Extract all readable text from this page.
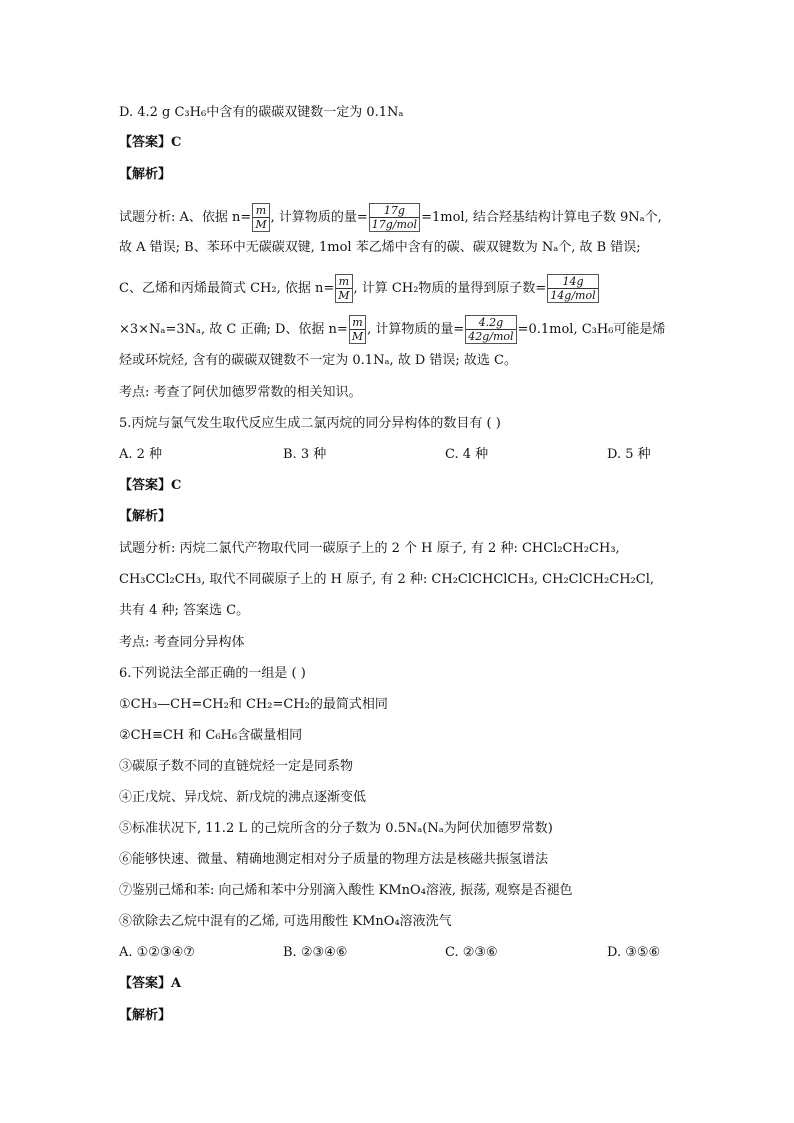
D. 4.2 g C₃H₆中含有的碳碳双键数一定为 0.1Nₐ
【答案】C
【解析】
试题分析: A、依据 $n= \frac{m}{M}$ , 计算物质的量= $\frac{17g}{\text{17g/mol}} =1mol$, 结合羟基结构计算电子数 9Nₐ个,
故 A 错误; B、苯环中无碳碳双键, 1mol 苯乙烯中含有的碳、碳双键数为 Nₐ个, 故 B 错误;
C、乙烯和丙烯最简式 CH₂, 依据 $n= \frac{m}{M}$ , 计算 CH₂物质的量得到原子数= $\frac{14g}{\text{14g/mol}}$
×3×Nₐ=3Nₐ, 故 C 正确; D、依据 $n= \frac{m}{M}$ , 计算物质的量= $\frac{4.2g}{\text{42g/mol}} =0.1mol$, C₃H₆可能是烯
烃或环烷烃, 含有的碳碳双键数不一定为 0.1Nₐ, 故 D 错误; 故选 C。
考点: 考查了阿伏加德罗常数的相关知识。
5.丙烷与氯气发生取代反应生成二氯丙烷的同分异构体的数目有 ( )
A. 2 种	B. 3 种	C. 4 种	D. 5 种
【答案】C
【解析】
试题分析: 丙烷二氯代产物取代同一碳原子上的 2 个 H 原子, 有 2 种: CHCl₂CH₂CH₃,
CH₃CCl₂CH₃, 取代不同碳原子上的 H 原子, 有 2 种: CH₂ClCHClCH₃, CH₂ClCH₂CH₂Cl,
共有 4 种; 答案选 C。
考点: 考查同分异构体
6.下列说法全部正确的一组是 ( )
①CH₃—CH=CH₂和 CH₂=CH₂的最简式相同
②CH≡CH 和 C₆H₆含碳量相同
③碳原子数不同的直链烷烃一定是同系物
④正戊烷、异戊烷、新戊烷的沸点逐渐变低
⑤标准状况下, 11.2 L 的己烷所含的分子数为 0.5Nₐ(Nₐ为阿伏加德罗常数)
⑥能够快速、微量、精确地测定相对分子质量的物理方法是核磁共振氢谱法
⑦鉴别己烯和苯: 向己烯和苯中分别滴入酸性 KMnO₄溶液, 振荡, 观察是否褪色
⑧欲除去乙烷中混有的乙烯, 可选用酸性 KMnO₄溶液洗气
A. ①②③④⑦	B. ②③④⑥	C. ②③⑥	D. ③⑤⑥
【答案】A
【解析】
